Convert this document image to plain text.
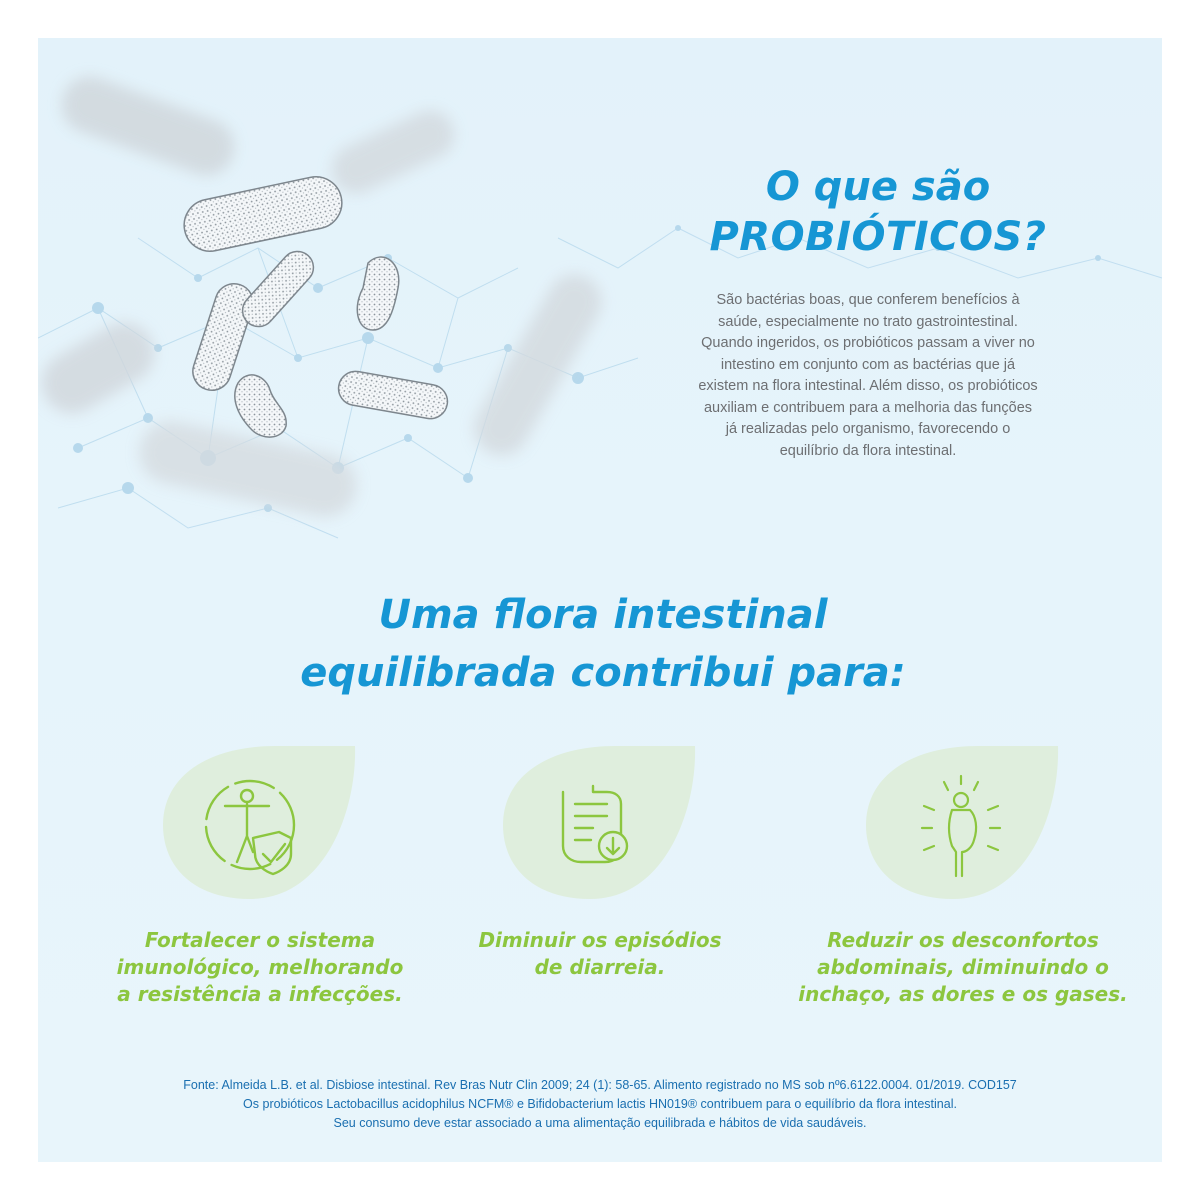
O que são
PROBIÓTICOS?
São bactérias boas, que conferem benefícios à
saúde, especialmente no trato gastrointestinal.
Quando ingeridos, os probióticos passam a viver no
intestino em conjunto com as bactérias que já
existem na flora intestinal. Além disso, os probióticos
auxiliam e contribuem para a melhoria das funções
já realizadas pelo organismo, favorecendo o
equilíbrio da flora intestinal.
Uma flora intestinal
equilibrada contribui para:
Fortalecer o sistema
imunológico, melhorando
a resistência a infecções.
Diminuir os episódios
de diarreia.
Reduzir os desconfortos
abdominais, diminuindo o
inchaço, as dores e os gases.
Fonte: Almeida L.B. et al. Disbiose intestinal. Rev Bras Nutr Clin 2009; 24 (1): 58-65. Alimento registrado no MS sob nº6.6122.0004. 01/2019. COD157
Os probióticos Lactobacillus acidophilus NCFM® e Bifidobacterium lactis HN019® contribuem para o equilíbrio da flora intestinal.
Seu consumo deve estar associado a uma alimentação equilibrada e hábitos de vida saudáveis.
